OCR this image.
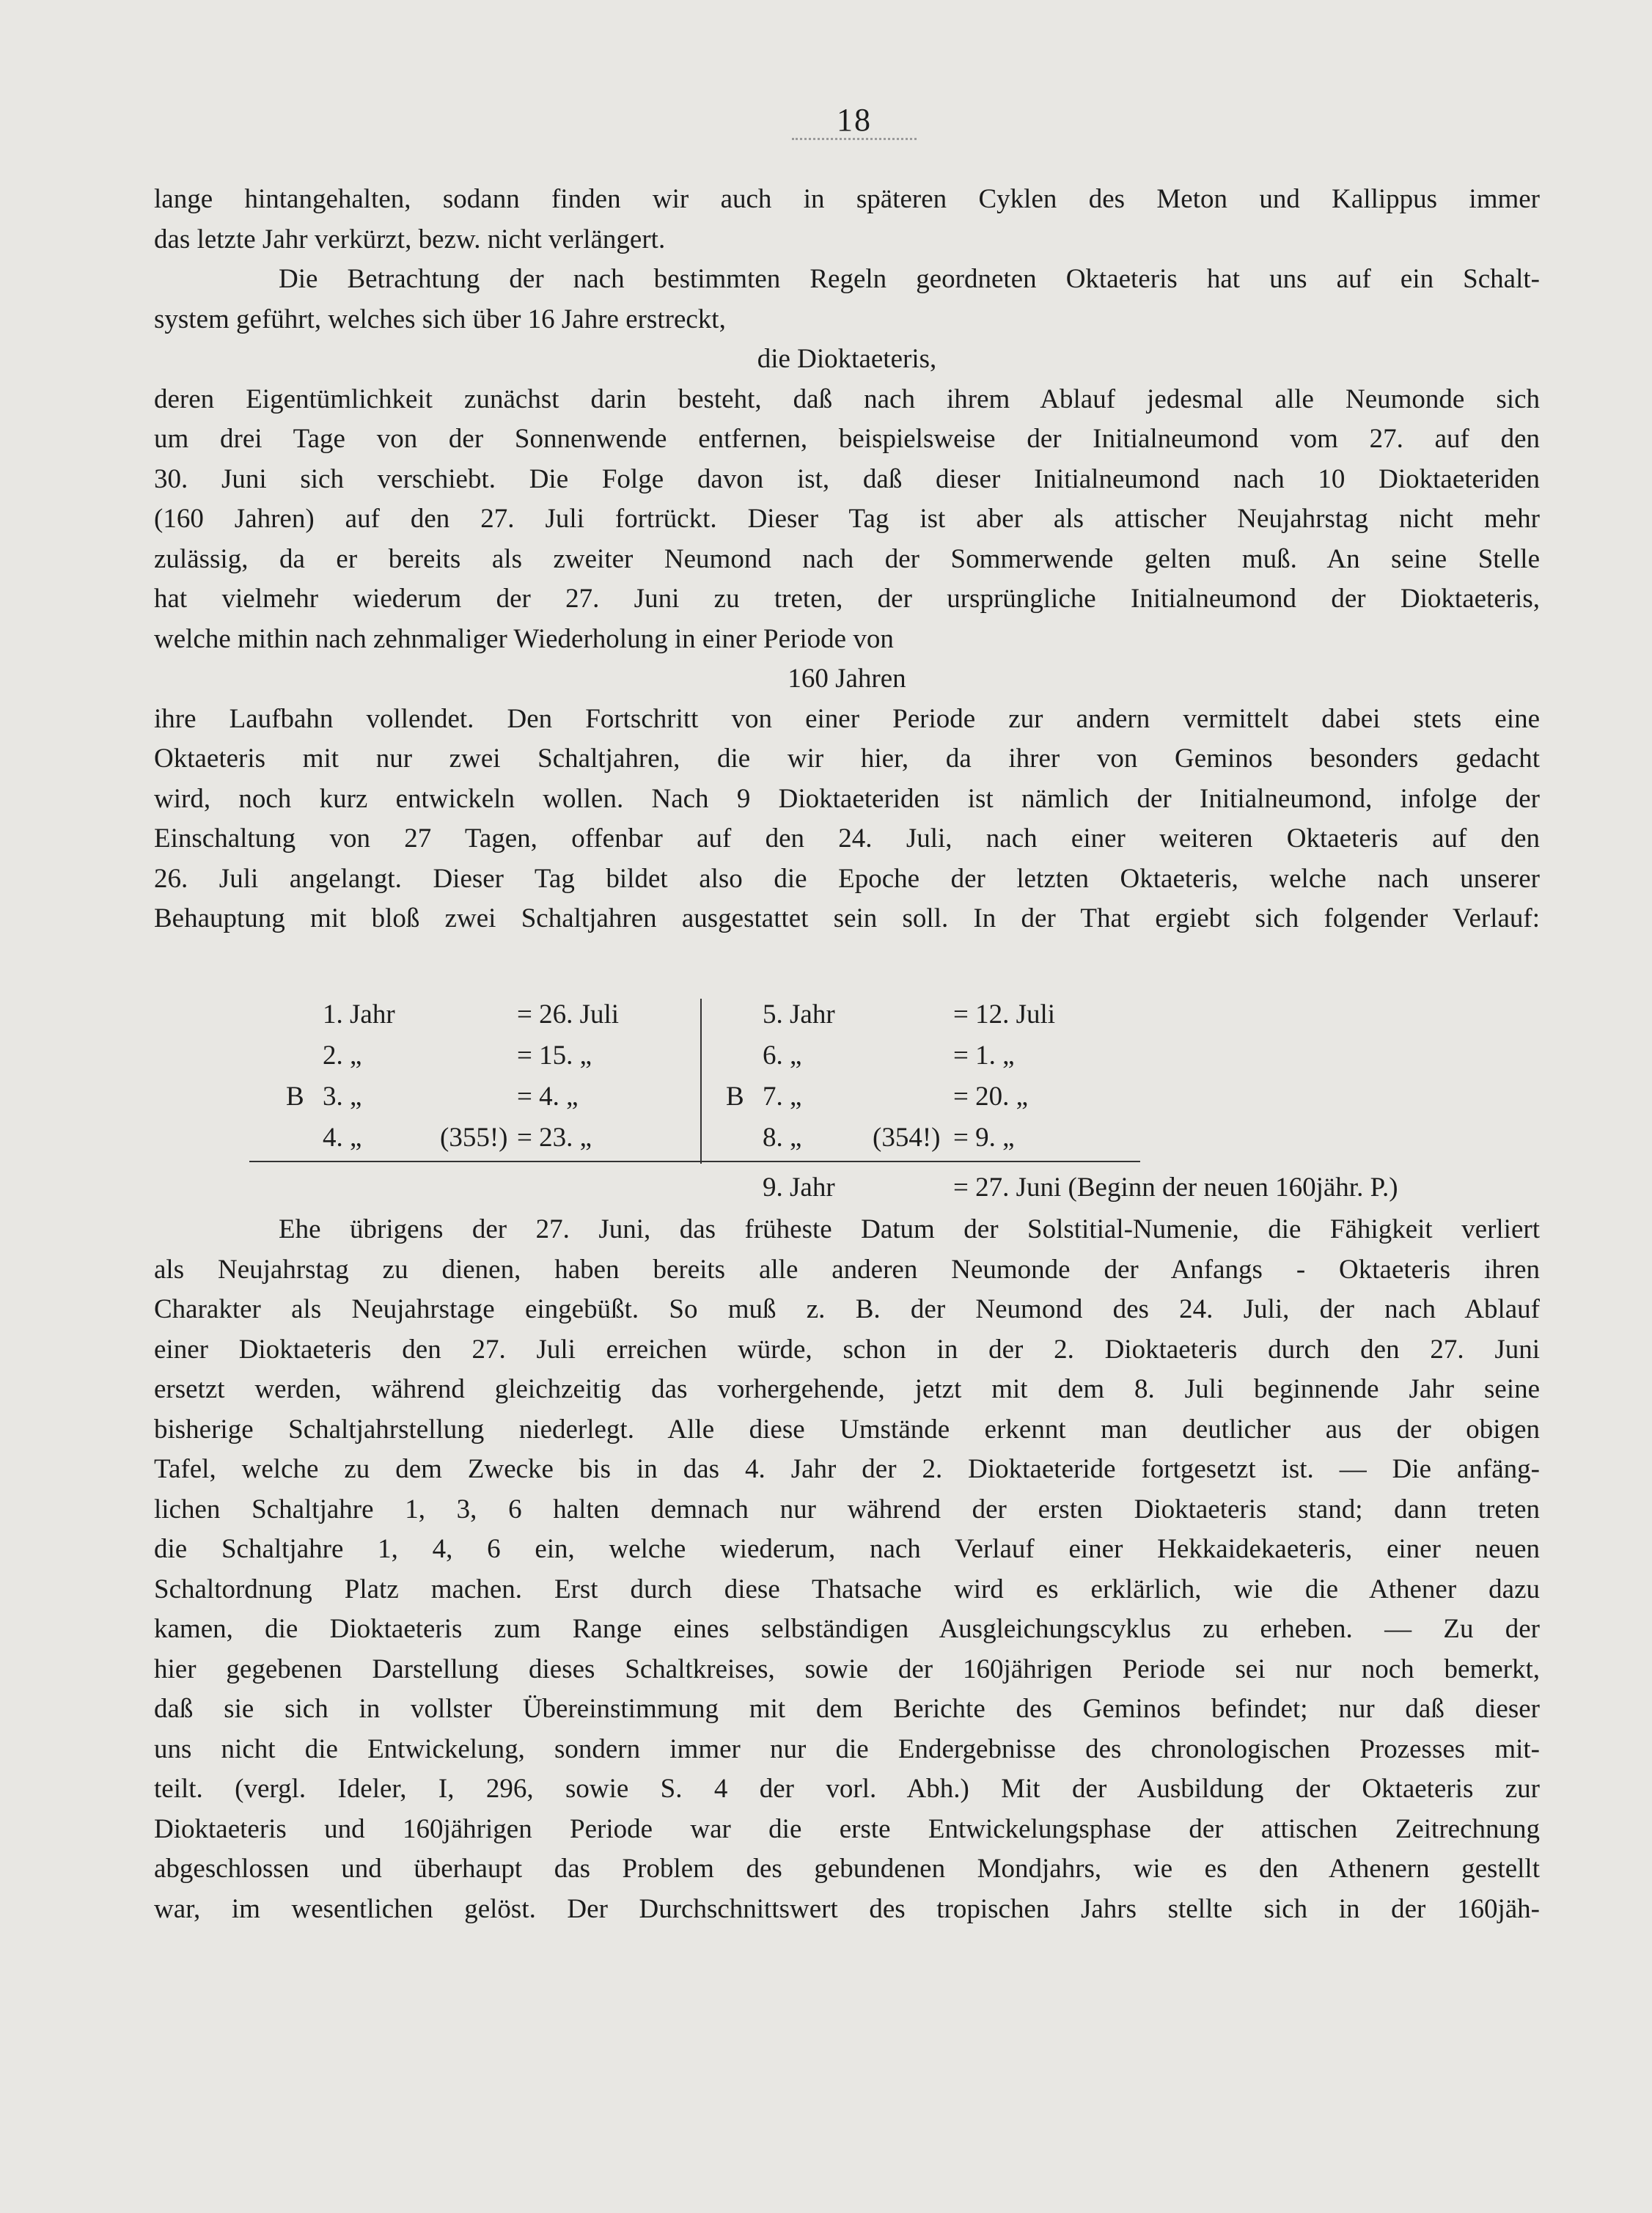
18
lange hintangehalten, sodann finden wir auch in späteren Cyklen des Meton und Kallippus immer
das letzte Jahr verkürzt, bezw. nicht verlängert.
Die Betrachtung der nach bestimmten Regeln geordneten Oktaeteris hat uns auf ein Schalt-
system geführt, welches sich über 16 Jahre erstreckt,
die Dioktaeteris,
deren Eigentümlichkeit zunächst darin besteht, daß nach ihrem Ablauf jedesmal alle Neumonde sich
um drei Tage von der Sonnenwende entfernen, beispielsweise der Initialneumond vom 27. auf den
30. Juni sich verschiebt. Die Folge davon ist, daß dieser Initialneumond nach 10 Dioktaeteriden
(160 Jahren) auf den 27. Juli fortrückt. Dieser Tag ist aber als attischer Neujahrstag nicht mehr
zulässig, da er bereits als zweiter Neumond nach der Sommerwende gelten muß. An seine Stelle
hat vielmehr wiederum der 27. Juni zu treten, der ursprüngliche Initialneumond der Dioktaeteris,
welche mithin nach zehnmaliger Wiederholung in einer Periode von
160 Jahren
ihre Laufbahn vollendet. Den Fortschritt von einer Periode zur andern vermittelt dabei stets eine
Oktaeteris mit nur zwei Schaltjahren, die wir hier, da ihrer von Geminos besonders gedacht
wird, noch kurz entwickeln wollen. Nach 9 Dioktaeteriden ist nämlich der Initialneumond, infolge der
Einschaltung von 27 Tagen, offenbar auf den 24. Juli, nach einer weiteren Oktaeteris auf den
26. Juli angelangt. Dieser Tag bildet also die Epoche der letzten Oktaeteris, welche nach unserer
Behauptung mit bloß zwei Schaltjahren ausgestattet sein soll. In der That ergiebt sich folgender Verlauf:
1. Jahr	= 26. Juli
2. „	= 15. „
B 3. „	= 4. „
4. „	(355!) = 23. „
5. Jahr	= 12. Juli
6. „	= 1. „
B 7. „	= 20. „
8. „	(354!) = 9. „
9. Jahr	= 27. Juni (Beginn der neuen 160jähr. P.)
Ehe übrigens der 27. Juni, das früheste Datum der Solstitial-Numenie, die Fähigkeit verliert
als Neujahrstag zu dienen, haben bereits alle anderen Neumonde der Anfangs - Oktaeteris ihren
Charakter als Neujahrstage eingebüßt. So muß z. B. der Neumond des 24. Juli, der nach Ablauf
einer Dioktaeteris den 27. Juli erreichen würde, schon in der 2. Dioktaeteris durch den 27. Juni
ersetzt werden, während gleichzeitig das vorhergehende, jetzt mit dem 8. Juli beginnende Jahr seine
bisherige Schaltjahrstellung niederlegt. Alle diese Umstände erkennt man deutlicher aus der obigen
Tafel, welche zu dem Zwecke bis in das 4. Jahr der 2. Dioktaeteride fortgesetzt ist. — Die anfäng-
lichen Schaltjahre 1, 3, 6 halten demnach nur während der ersten Dioktaeteris stand; dann treten
die Schaltjahre 1, 4, 6 ein, welche wiederum, nach Verlauf einer Hekkaidekaeteris, einer neuen
Schaltordnung Platz machen. Erst durch diese Thatsache wird es erklärlich, wie die Athener dazu
kamen, die Dioktaeteris zum Range eines selbständigen Ausgleichungscyklus zu erheben. — Zu der
hier gegebenen Darstellung dieses Schaltkreises, sowie der 160jährigen Periode sei nur noch bemerkt,
daß sie sich in vollster Übereinstimmung mit dem Berichte des Geminos befindet; nur daß dieser
uns nicht die Entwickelung, sondern immer nur die Endergebnisse des chronologischen Prozesses mit-
teilt. (vergl. Ideler, I, 296, sowie S. 4 der vorl. Abh.) Mit der Ausbildung der Oktaeteris zur
Dioktaeteris und 160jährigen Periode war die erste Entwickelungsphase der attischen Zeitrechnung
abgeschlossen und überhaupt das Problem des gebundenen Mondjahrs, wie es den Athenern gestellt
war, im wesentlichen gelöst. Der Durchschnittswert des tropischen Jahrs stellte sich in der 160jäh-
